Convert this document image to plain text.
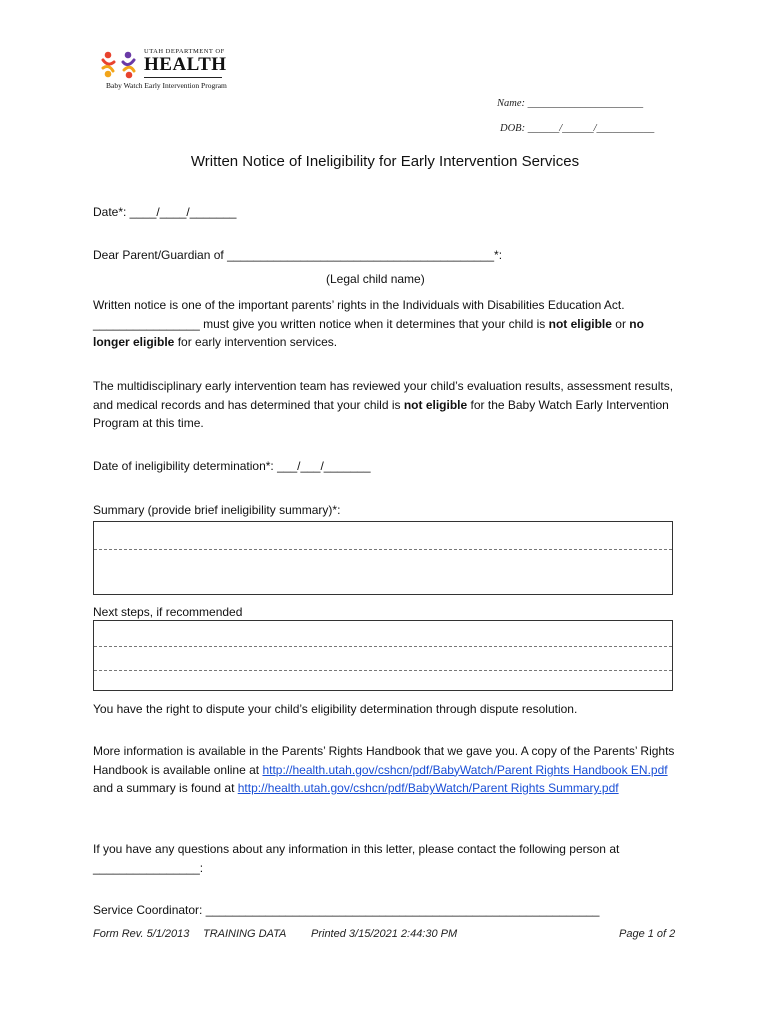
UTAH DEPARTMENT OF
HEALTH
Baby Watch Early Intervention Program
Name: ______________________
DOB: ______/______/___________
Written Notice of Ineligibility for Early Intervention Services
Date*: ____/____/_______
Dear Parent/Guardian of ________________________________________*:
(Legal child name)
Written notice is one of the important parents’ rights in the Individuals with Disabilities Education Act. ________________ must give you written notice when it determines that your child is not eligible or no longer eligible for early intervention services.
The multidisciplinary early intervention team has reviewed your child’s evaluation results, assessment results, and medical records and has determined that your child is not eligible for the Baby Watch Early Intervention Program at this time.
Date of ineligibility determination*: ___/___/_______
Summary (provide brief ineligibility summary)*:
Next steps, if recommended
You have the right to dispute your child’s eligibility determination through dispute resolution.
More information is available in the Parents’ Rights Handbook that we gave you. A copy of the Parents’ Rights Handbook is available online at http://health.utah.gov/cshcn/pdf/BabyWatch/Parent Rights Handbook EN.pdf and a summary is found at http://health.utah.gov/cshcn/pdf/BabyWatch/Parent Rights Summary.pdf
If you have any questions about any information in this letter, please contact the following person at ________________:
Service Coordinator: ___________________________________________________________
Form Rev. 5/1/2013 TRAINING DATA Printed 3/15/2021 2:44:30 PM	Page 1 of 2
